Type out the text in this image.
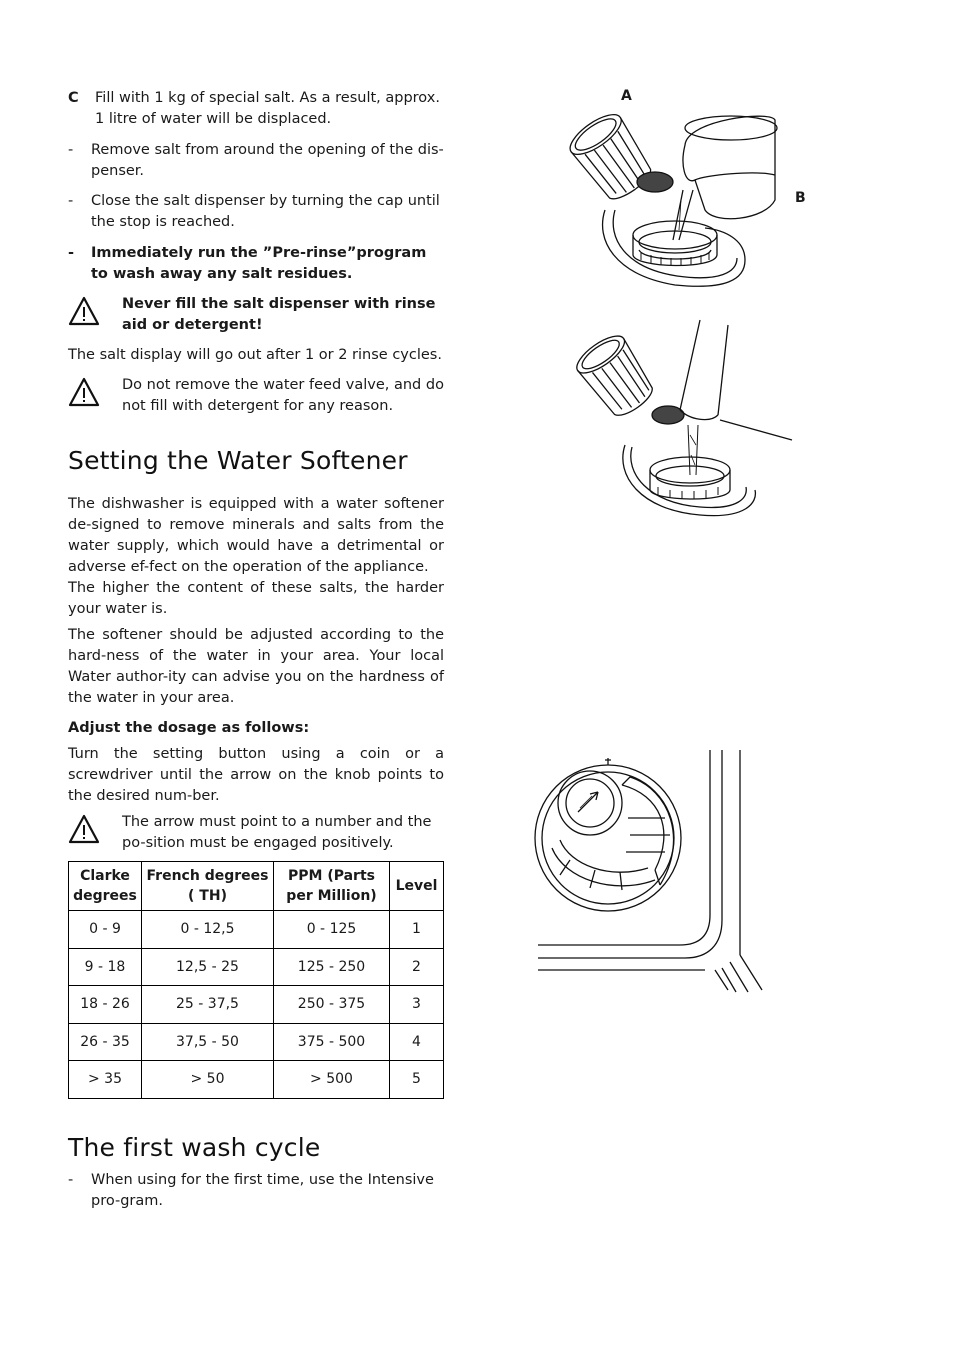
C Fill with 1 kg of special salt. As a result, approx. 1 litre of water will be displaced.
- Remove salt from around the opening of the dis-penser.
- Close the salt dispenser by turning the cap until the stop is reached.
- Immediately run the ”Pre-rinse”program to wash away any salt residues.
Never fill the salt dispenser with rinse aid or detergent!
The salt display will go out after 1 or 2 rinse cycles.
Do not remove the water feed valve, and do not fill with detergent for any reason.
Setting the Water Softener
The dishwasher is equipped with a water softener de-signed to remove minerals and salts from the water supply, which would have a detrimental or adverse ef-fect on the operation of the appliance.
The higher the content of these salts, the harder your water is.
The softener should be adjusted according to the hard-ness of the water in your area. Your local Water author-ity can advise you on the hardness of the water in your area.
Adjust the dosage as follows:
Turn the setting button using a coin or a screwdriver until the arrow on the knob points to the desired num-ber.
The arrow must point to a number and the po-sition must be engaged positively.
Clarke degrees	French degrees ( TH)	PPM (Parts per Million)	Level
0 - 9	0 - 12,5	0 - 125	1
9 - 18	12,5 - 25	125 - 250	2
18 - 26	25 - 37,5	250 - 375	3
26 - 35	37,5 - 50	375 - 500	4
> 35	> 50	> 500	5
The first wash cycle
- When using for the first time, use the Intensive pro-gram.
A
B
